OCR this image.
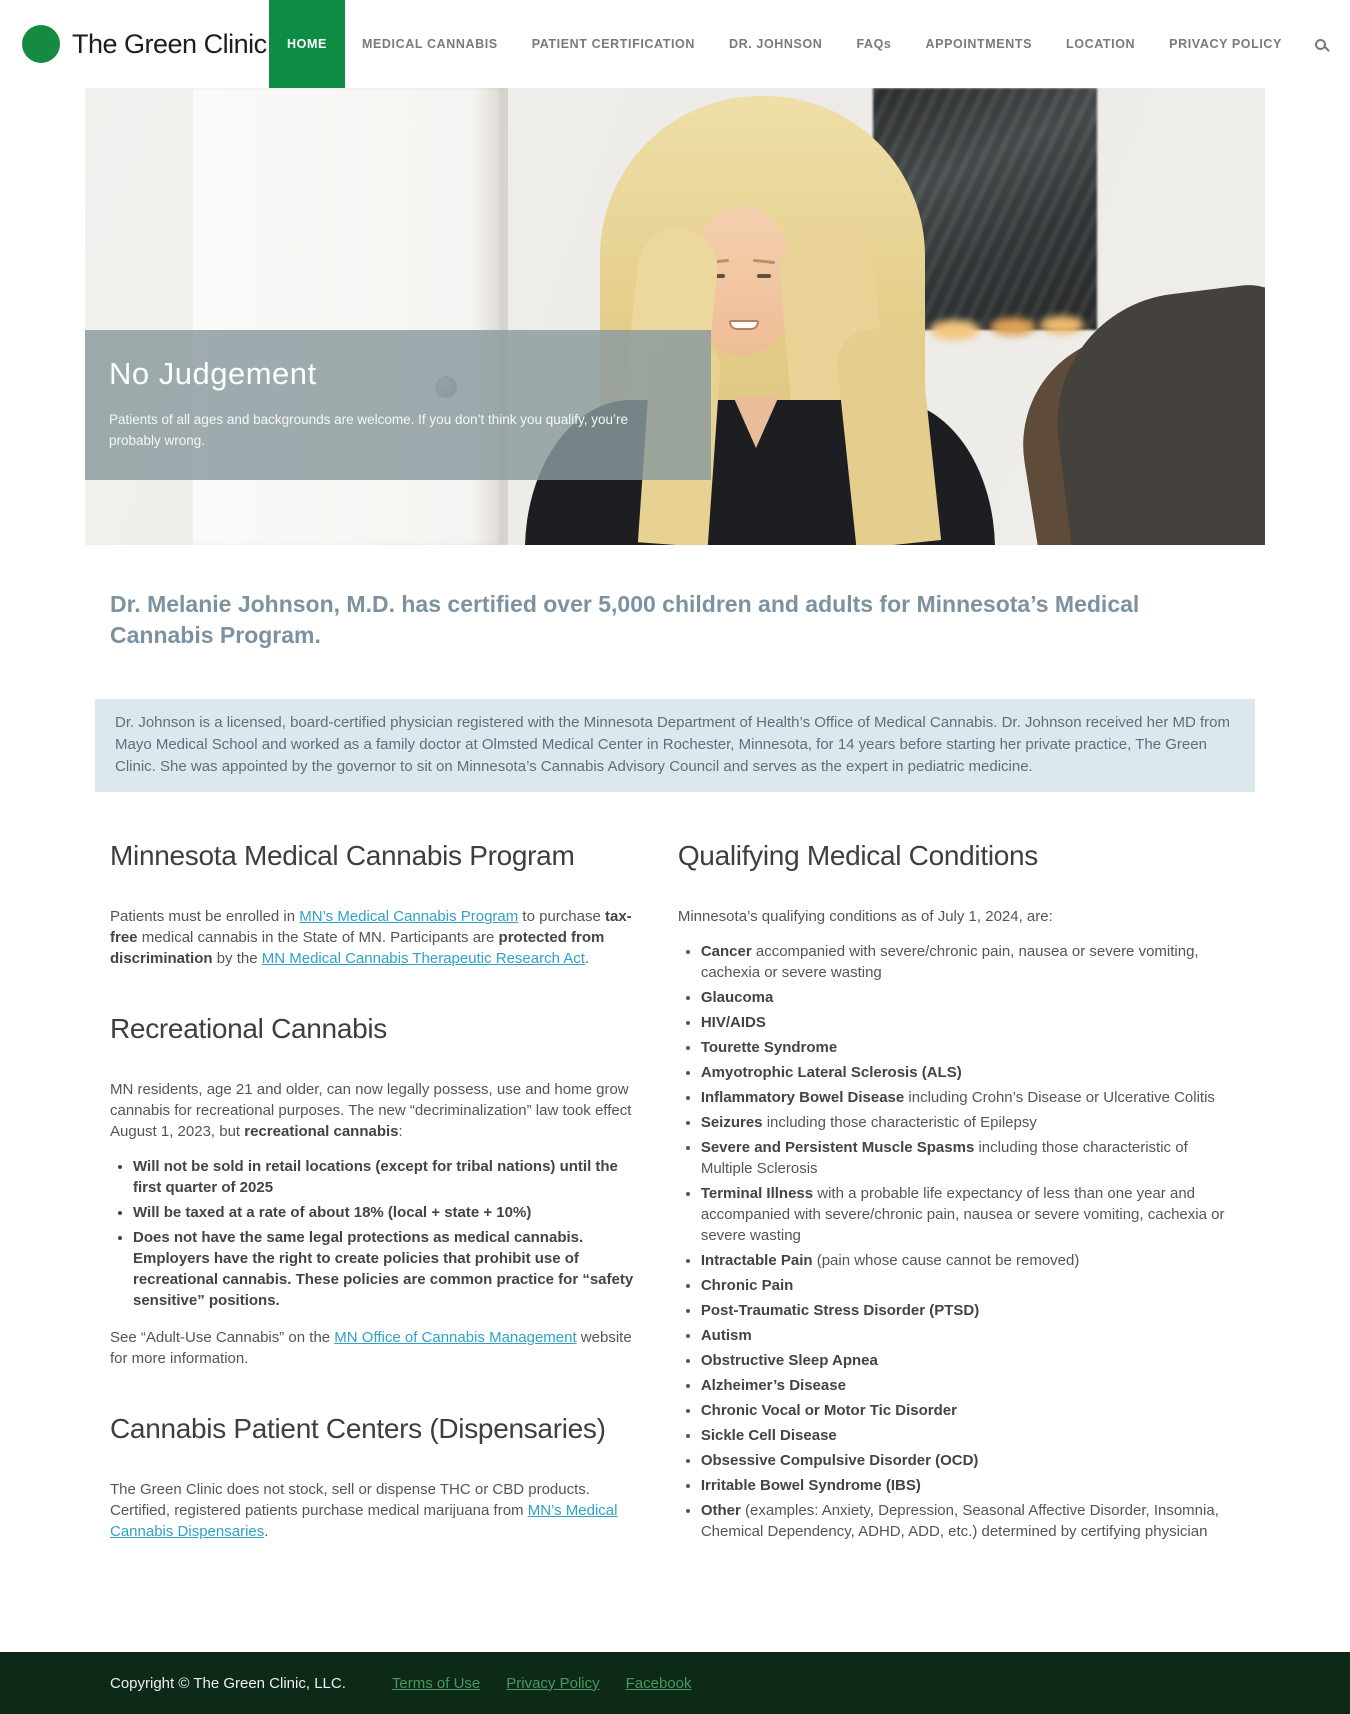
The Green Clinic	HOME	MEDICAL CANNABIS	PATIENT CERTIFICATION	DR. JOHNSON	FAQs	APPOINTMENTS	LOCATION	PRIVACY POLICY
No Judgement

Patients of all ages and backgrounds are welcome. If you don’t think you qualify, you’re probably wrong.

Dr. Melanie Johnson, M.D. has certified over 5,000 children and adults for Minnesota’s Medical Cannabis Program.

Dr. Johnson is a licensed, board-certified physician registered with the Minnesota Department of Health’s Office of Medical Cannabis. Dr. Johnson received her MD from Mayo Medical School and worked as a family doctor at Olmsted Medical Center in Rochester, Minnesota, for 14 years before starting her private practice, The Green Clinic. She was appointed by the governor to sit on Minnesota’s Cannabis Advisory Council and serves as the expert in pediatric medicine.

Minnesota Medical Cannabis Program

Patients must be enrolled in MN’s Medical Cannabis Program to purchase tax-free medical cannabis in the State of MN. Participants are protected from discrimination by the MN Medical Cannabis Therapeutic Research Act.

Recreational Cannabis

MN residents, age 21 and older, can now legally possess, use and home grow cannabis for recreational purposes. The new “decriminalization” law took effect August 1, 2023, but recreational cannabis:

• Will not be sold in retail locations (except for tribal nations) until the first quarter of 2025
• Will be taxed at a rate of about 18% (local + state + 10%)
• Does not have the same legal protections as medical cannabis. Employers have the right to create policies that prohibit use of recreational cannabis. These policies are common practice for “safety sensitive” positions.

See “Adult-Use Cannabis” on the MN Office of Cannabis Management website for more information.

Cannabis Patient Centers (Dispensaries)

The Green Clinic does not stock, sell or dispense THC or CBD products. Certified, registered patients purchase medical marijuana from MN’s Medical Cannabis Dispensaries.

Qualifying Medical Conditions

Minnesota’s qualifying conditions as of July 1, 2024, are:

• Cancer accompanied with severe/chronic pain, nausea or severe vomiting, cachexia or severe wasting
• Glaucoma
• HIV/AIDS
• Tourette Syndrome
• Amyotrophic Lateral Sclerosis (ALS)
• Inflammatory Bowel Disease including Crohn’s Disease or Ulcerative Colitis
• Seizures including those characteristic of Epilepsy
• Severe and Persistent Muscle Spasms including those characteristic of Multiple Sclerosis
• Terminal Illness with a probable life expectancy of less than one year and accompanied with severe/chronic pain, nausea or severe vomiting, cachexia or severe wasting
• Intractable Pain (pain whose cause cannot be removed)
• Chronic Pain
• Post-Traumatic Stress Disorder (PTSD)
• Autism
• Obstructive Sleep Apnea
• Alzheimer’s Disease
• Chronic Vocal or Motor Tic Disorder
• Sickle Cell Disease
• Obsessive Compulsive Disorder (OCD)
• Irritable Bowel Syndrome (IBS)
• Other (examples: Anxiety, Depression, Seasonal Affective Disorder, Insomnia, Chemical Dependency, ADHD, ADD, etc.) determined by certifying physician
Copyright © The Green Clinic, LLC.	Terms of Use Privacy Policy Facebook
